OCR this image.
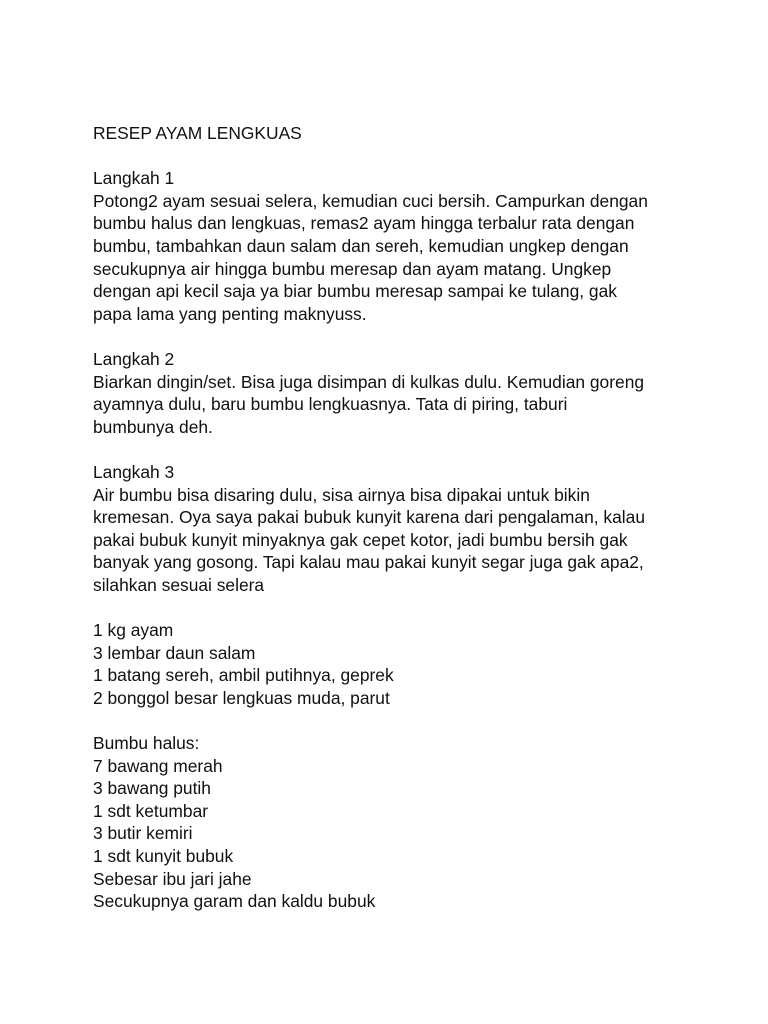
RESEP AYAM LENGKUAS
Langkah 1
Potong2 ayam sesuai selera, kemudian cuci bersih. Campurkan dengan
bumbu halus dan lengkuas, remas2 ayam hingga terbalur rata dengan
bumbu, tambahkan daun salam dan sereh, kemudian ungkep dengan
secukupnya air hingga bumbu meresap dan ayam matang. Ungkep
dengan api kecil saja ya biar bumbu meresap sampai ke tulang, gak
papa lama yang penting maknyuss.
Langkah 2
Biarkan dingin/set. Bisa juga disimpan di kulkas dulu. Kemudian goreng
ayamnya dulu, baru bumbu lengkuasnya. Tata di piring, taburi
bumbunya deh.
Langkah 3
Air bumbu bisa disaring dulu, sisa airnya bisa dipakai untuk bikin
kremesan. Oya saya pakai bubuk kunyit karena dari pengalaman, kalau
pakai bubuk kunyit minyaknya gak cepet kotor, jadi bumbu bersih gak
banyak yang gosong. Tapi kalau mau pakai kunyit segar juga gak apa2,
silahkan sesuai selera
1 kg ayam
3 lembar daun salam
1 batang sereh, ambil putihnya, geprek
2 bonggol besar lengkuas muda, parut
Bumbu halus:
7 bawang merah
3 bawang putih
1 sdt ketumbar
3 butir kemiri
1 sdt kunyit bubuk
Sebesar ibu jari jahe
Secukupnya garam dan kaldu bubuk
